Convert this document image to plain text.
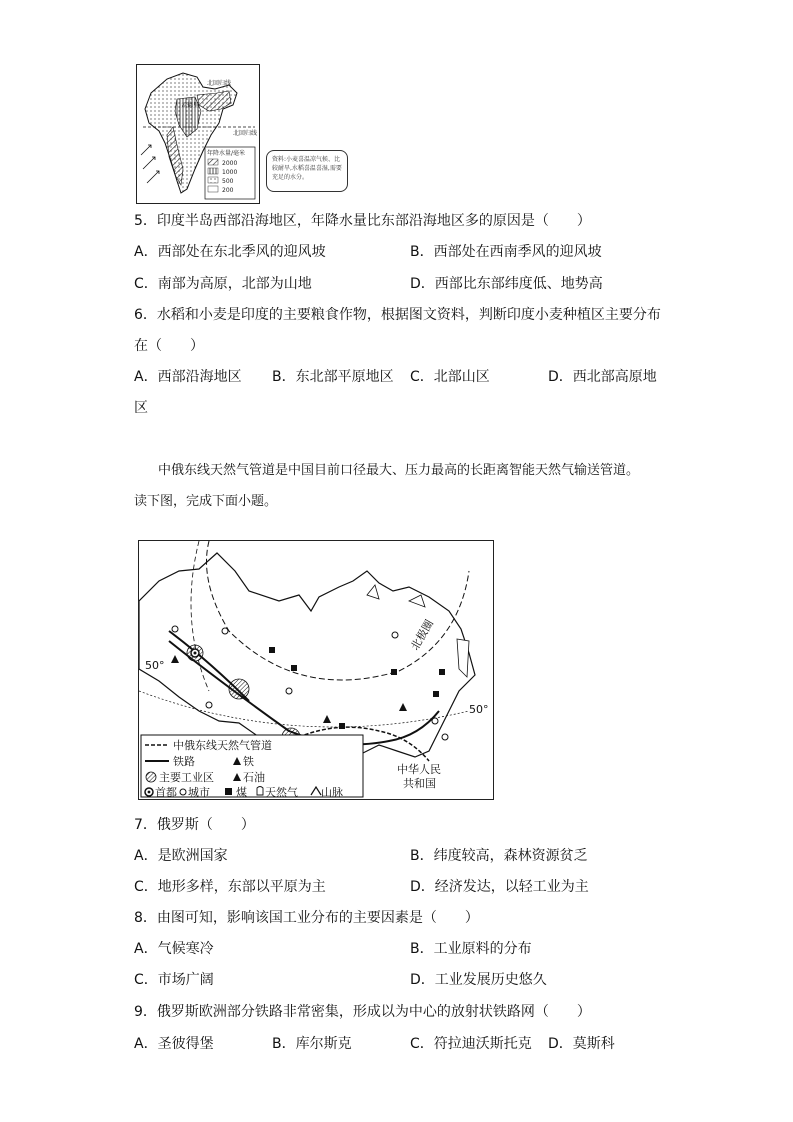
北回归线
孟德里
北回归线
年降水量/毫米
2000
1000
500
200
资料:小麦喜温凉气候、比较耐旱,水稻喜温喜湿,需要充足的水分。
5．印度半岛西部沿海地区，年降水量比东部沿海地区多的原因是（　　）
A．西部处在东北季风的迎风坡	B．西部处在西南季风的迎风坡
C．南部为高原，北部为山地	D．西部比东部纬度低、地势高
6．水稻和小麦是印度的主要粮食作物，根据图文资料，判断印度小麦种植区主要分布
在（　　）
A．西部沿海地区 B．东北部平原地区 C．北部山区	D．西北部高原地
区
中俄东线天然气管道是中国目前口径最大、压力最高的长距离智能天然气输送管道。
读下图，完成下面小题。
北极圈
50°
50°
中华人民
共和国
中俄东线天然气管道
铁路	铁
主要工业区	石油
首都 城市 煤 天然气 山脉
7．俄罗斯（　　）
A．是欧洲国家	B．纬度较高，森林资源贫乏
C．地形多样，东部以平原为主	D．经济发达，以轻工业为主
8．由图可知，影响该国工业分布的主要因素是（　　）
A．气候寒冷	B．工业原料的分布
C．市场广阔	D．工业发展历史悠久
9．俄罗斯欧洲部分铁路非常密集，形成以为中心的放射状铁路网（　　）
A．圣彼得堡	B．库尔斯克	C．符拉迪沃斯托克 D．莫斯科
